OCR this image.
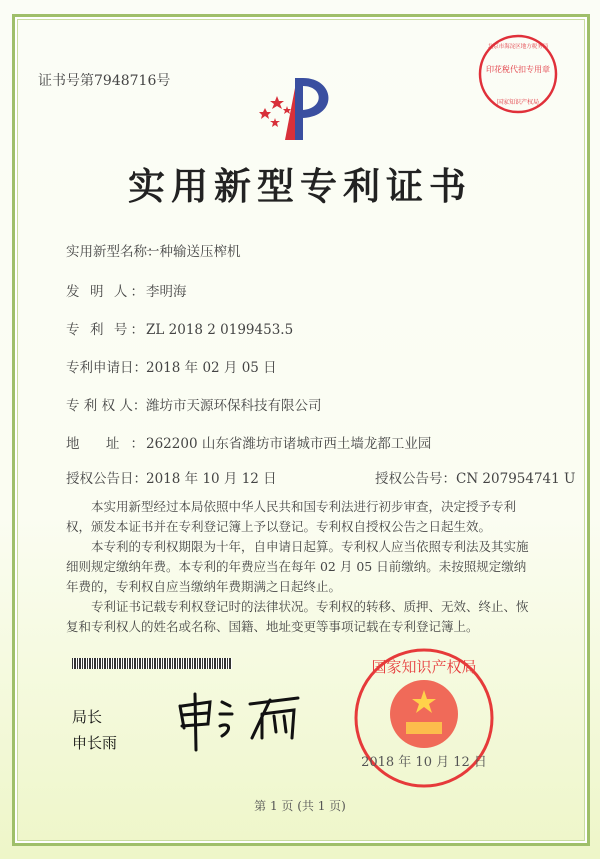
证书号第7948716号
印花税代扣专用章
国家知识产权局
北京市海淀区地方税务局
实用新型专利证书
实用新型名称：一种输送压榨机
发 明 人： 李明海
专 利 号： ZL 2018 2 0199453.5
专利申请日：2018 年 02 月 05 日
专 利 权 人：潍坊市天源环保科技有限公司
地 址： 262200 山东省潍坊市诸城市西土墙龙都工业园
授权公告日：2018 年 10 月 12 日	授权公告号：CN 207954741 U
本实用新型经过本局依照中华人民共和国专利法进行初步审查，决定授予专利权，颁发本证书并在专利登记簿上予以登记。专利权自授权公告之日起生效。
本专利的专利权期限为十年，自申请日起算。专利权人应当依照专利法及其实施细则规定缴纳年费。本专利的年费应当在每年 02 月 05 日前缴纳。未按照规定缴纳年费的，专利权自应当缴纳年费期满之日起终止。
专利证书记载专利权登记时的法律状况。专利权的转移、质押、无效、终止、恢复和专利权人的姓名或名称、国籍、地址变更等事项记载在专利登记簿上。
局长
申长雨
国家知识产权局
2018 年 10 月 12 日
第 1 页 (共 1 页)
